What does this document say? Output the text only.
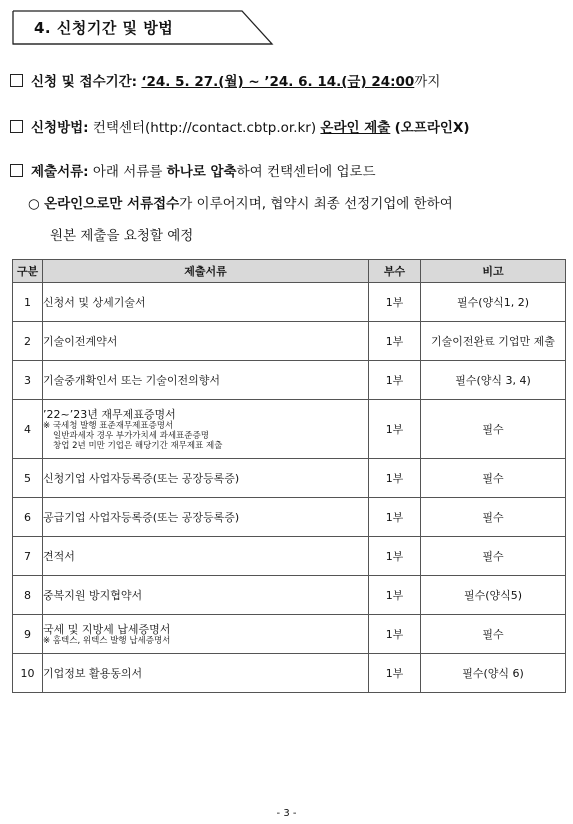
4. 신청기간 및 방법
신청 및 접수기간: ‘24. 5. 27.(월) ~ ’24. 6. 14.(금) 24:00까지
신청방법: 컨택센터(http://contact.cbtp.or.kr) 온라인 제출 (오프라인X)
제출서류: 아래 서류를 하나로 압축하여 컨택센터에 업로드
○ 온라인으로만 서류접수가 이루어지며, 협약시 최종 선정기업에 한하여
원본 제출을 요청할 예정
구분	제출서류	부수	비고
1	신청서 및 상세기술서	1부	필수(양식1, 2)
2	기술이전계약서	1부	기술이전완료 기업만 제출
3	기술중개확인서 또는 기술이전의향서	1부	필수(양식 3, 4)
4	’22~’23년 재무제표증명서
※ 국세청 발행 표준재무제표증명서
일반과세자 경우 부가가치세 과세표준증명
창업 2년 미만 기업은 해당기간 재무제표 제출	1부	필수
5	신청기업 사업자등록증(또는 공장등록증)	1부	필수
6	공급기업 사업자등록증(또는 공장등록증)	1부	필수
7	견적서	1부	필수
8	중복지원 방지협약서	1부	필수(양식5)
9	국세 및 지방세 납세증명서
※ 홈텍스, 위텍스 발행 납세증명서	1부	필수
10	기업정보 활용동의서	1부	필수(양식 6)
- 3 -
